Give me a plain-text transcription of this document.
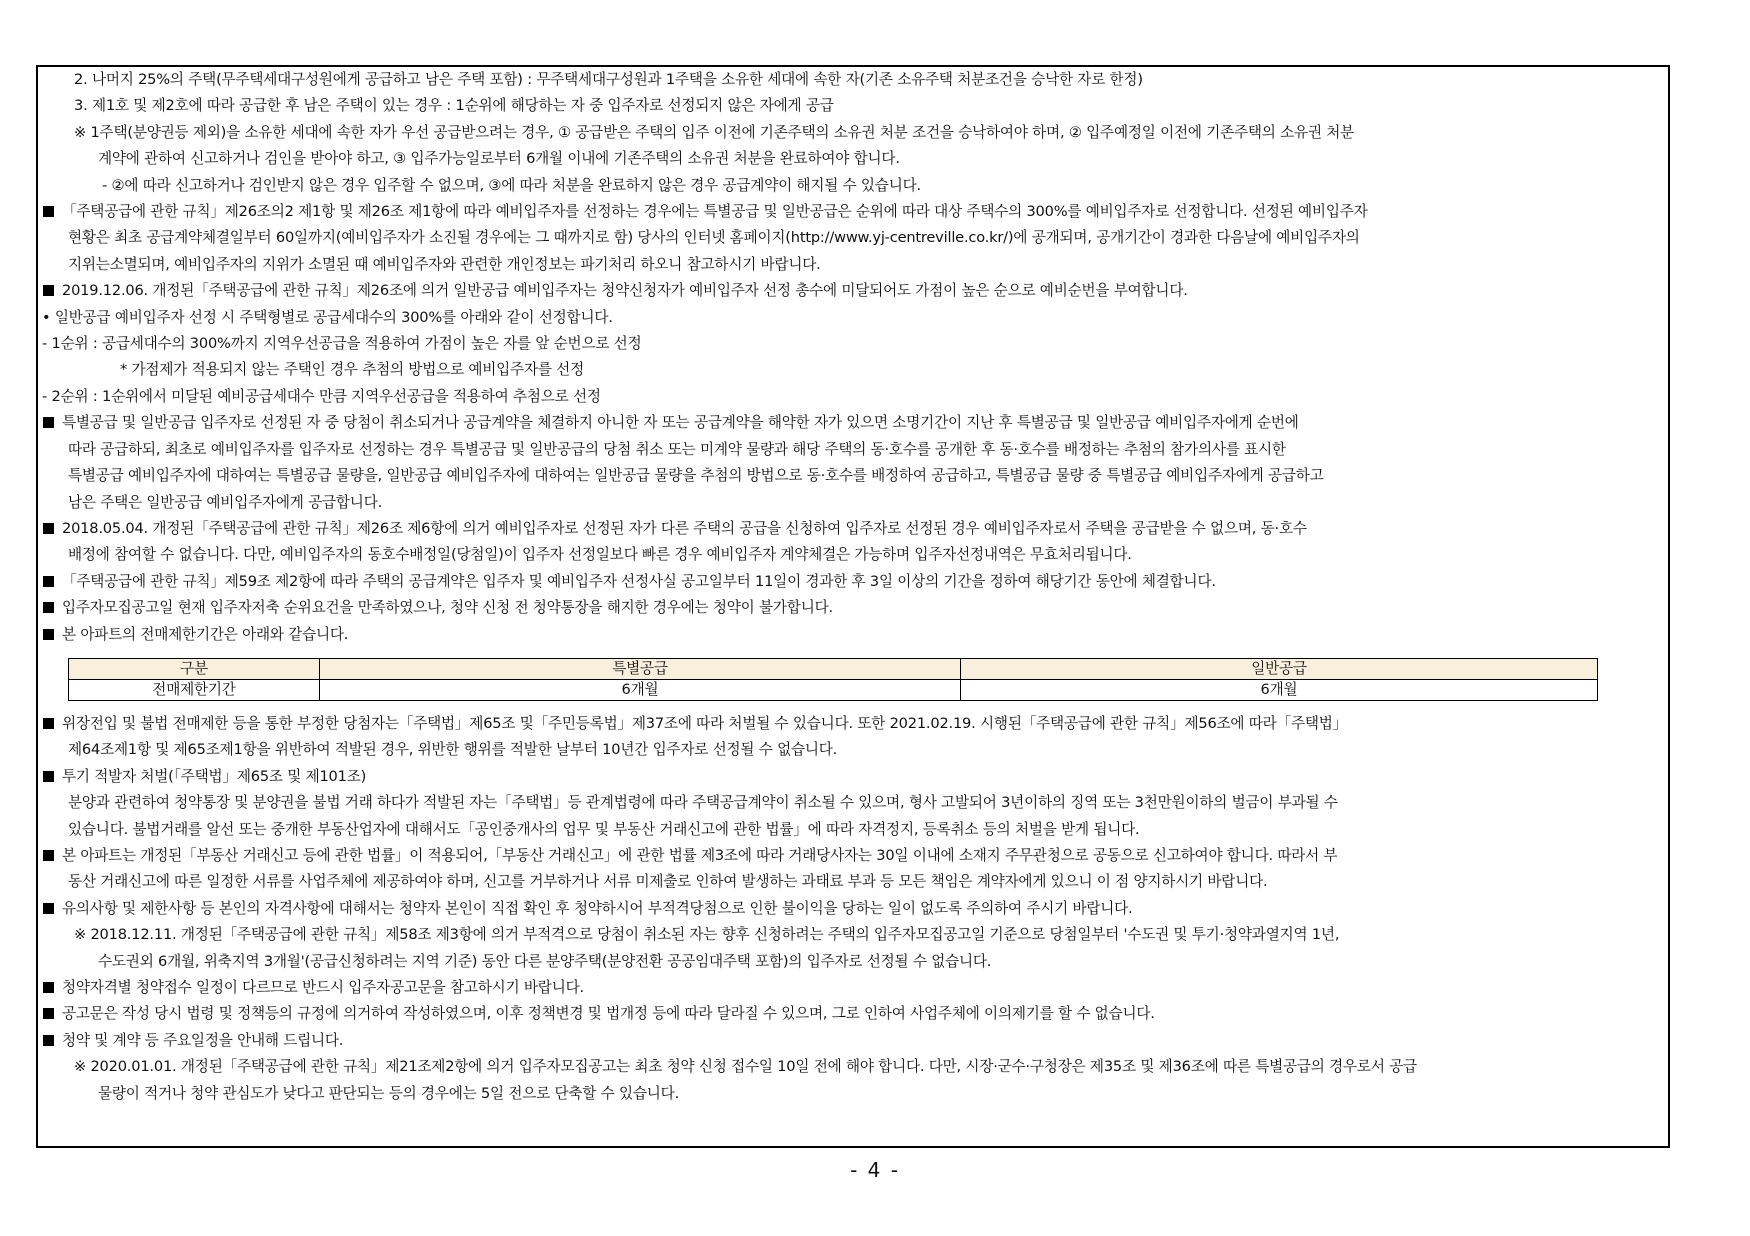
2. 나머지 25%의 주택(무주택세대구성원에게 공급하고 남은 주택 포함) : 무주택세대구성원과 1주택을 소유한 세대에 속한 자(기존 소유주택 처분조건을 승낙한 자로 한정)
3. 제1호 및 제2호에 따라 공급한 후 남은 주택이 있는 경우 : 1순위에 해당하는 자 중 입주자로 선정되지 않은 자에게 공급
※ 1주택(분양권등 제외)을 소유한 세대에 속한 자가 우선 공급받으려는 경우, ① 공급받은 주택의 입주 이전에 기존주택의 소유권 처분 조건을 승낙하여야 하며, ② 입주예정일 이전에 기존주택의 소유권 처분
계약에 관하여 신고하거나 검인을 받아야 하고, ③ 입주가능일로부터 6개월 이내에 기존주택의 소유권 처분을 완료하여야 합니다.
- ②에 따라 신고하거나 검인받지 않은 경우 입주할 수 없으며, ③에 따라 처분을 완료하지 않은 경우 공급계약이 해지될 수 있습니다.
「주택공급에 관한 규칙」제26조의2 제1항 및 제26조 제1항에 따라 예비입주자를 선정하는 경우에는 특별공급 및 일반공급은 순위에 따라 대상 주택수의 300%를 예비입주자로 선정합니다. 선정된 예비입주자
현황은 최초 공급계약체결일부터 60일까지(예비입주자가 소진될 경우에는 그 때까지로 함) 당사의 인터넷 홈페이지(http://www.yj-centreville.co.kr/)에 공개되며, 공개기간이 경과한 다음날에 예비입주자의
지위는소멸되며, 예비입주자의 지위가 소멸된 때 예비입주자와 관련한 개인정보는 파기처리 하오니 참고하시기 바랍니다.
2019.12.06. 개정된「주택공급에 관한 규칙」제26조에 의거 일반공급 예비입주자는 청약신청자가 예비입주자 선정 총수에 미달되어도 가점이 높은 순으로 예비순번을 부여합니다.
• 일반공급 예비입주자 선정 시 주택형별로 공급세대수의 300%를 아래와 같이 선정합니다.
- 1순위 : 공급세대수의 300%까지 지역우선공급을 적용하여 가점이 높은 자를 앞 순번으로 선정
* 가점제가 적용되지 않는 주택인 경우 추첨의 방법으로 예비입주자를 선정
- 2순위 : 1순위에서 미달된 예비공급세대수 만큼 지역우선공급을 적용하여 추첨으로 선정
특별공급 및 일반공급 입주자로 선정된 자 중 당첨이 취소되거나 공급계약을 체결하지 아니한 자 또는 공급계약을 해약한 자가 있으면 소명기간이 지난 후 특별공급 및 일반공급 예비입주자에게 순번에
따라 공급하되, 최초로 예비입주자를 입주자로 선정하는 경우 특별공급 및 일반공급의 당첨 취소 또는 미계약 물량과 해당 주택의 동·호수를 공개한 후 동·호수를 배정하는 추첨의 참가의사를 표시한
특별공급 예비입주자에 대하여는 특별공급 물량을, 일반공급 예비입주자에 대하여는 일반공급 물량을 추첨의 방법으로 동·호수를 배정하여 공급하고, 특별공급 물량 중 특별공급 예비입주자에게 공급하고
남은 주택은 일반공급 예비입주자에게 공급합니다.
2018.05.04. 개정된「주택공급에 관한 규칙」제26조 제6항에 의거 예비입주자로 선정된 자가 다른 주택의 공급을 신청하여 입주자로 선정된 경우 예비입주자로서 주택을 공급받을 수 없으며, 동·호수
배정에 참여할 수 없습니다. 다만, 예비입주자의 동호수배정일(당첨일)이 입주자 선정일보다 빠른 경우 예비입주자 계약체결은 가능하며 입주자선정내역은 무효처리됩니다.
「주택공급에 관한 규칙」제59조 제2항에 따라 주택의 공급계약은 입주자 및 예비입주자 선정사실 공고일부터 11일이 경과한 후 3일 이상의 기간을 정하여 해당기간 동안에 체결합니다.
입주자모집공고일 현재 입주자저축 순위요건을 만족하였으나, 청약 신청 전 청약통장을 해지한 경우에는 청약이 불가합니다.
본 아파트의 전매제한기간은 아래와 같습니다.
구분	특별공급	일반공급
전매제한기간	6개월	6개월
위장전입 및 불법 전매제한 등을 통한 부정한 당첨자는「주택법」제65조 및「주민등록법」제37조에 따라 처벌될 수 있습니다. 또한 2021.02.19. 시행된「주택공급에 관한 규칙」제56조에 따라「주택법」
제64조제1항 및 제65조제1항을 위반하여 적발된 경우, 위반한 행위를 적발한 날부터 10년간 입주자로 선정될 수 없습니다.
투기 적발자 처벌(「주택법」제65조 및 제101조)
분양과 관련하여 청약통장 및 분양권을 불법 거래 하다가 적발된 자는「주택법」등 관계법령에 따라 주택공급계약이 취소될 수 있으며, 형사 고발되어 3년이하의 징역 또는 3천만원이하의 벌금이 부과될 수
있습니다. 불법거래를 알선 또는 중개한 부동산업자에 대해서도「공인중개사의 업무 및 부동산 거래신고에 관한 법률」에 따라 자격정지, 등록취소 등의 처벌을 받게 됩니다.
본 아파트는 개정된「부동산 거래신고 등에 관한 법률」이 적용되어,「부동산 거래신고」에 관한 법률 제3조에 따라 거래당사자는 30일 이내에 소재지 주무관청으로 공동으로 신고하여야 합니다. 따라서 부
동산 거래신고에 따른 일정한 서류를 사업주체에 제공하여야 하며, 신고를 거부하거나 서류 미제출로 인하여 발생하는 과태료 부과 등 모든 책임은 계약자에게 있으니 이 점 양지하시기 바랍니다.
유의사항 및 제한사항 등 본인의 자격사항에 대해서는 청약자 본인이 직접 확인 후 청약하시어 부적격당첨으로 인한 불이익을 당하는 일이 없도록 주의하여 주시기 바랍니다.
※ 2018.12.11. 개정된「주택공급에 관한 규칙」제58조 제3항에 의거 부적격으로 당첨이 취소된 자는 향후 신청하려는 주택의 입주자모집공고일 기준으로 당첨일부터 '수도권 및 투기·청약과열지역 1년,
수도권외 6개월, 위축지역 3개월'(공급신청하려는 지역 기준) 동안 다른 분양주택(분양전환 공공임대주택 포함)의 입주자로 선정될 수 없습니다.
청약자격별 청약접수 일정이 다르므로 반드시 입주자공고문을 참고하시기 바랍니다.
공고문은 작성 당시 법령 및 정책등의 규정에 의거하여 작성하였으며, 이후 정책변경 및 법개정 등에 따라 달라질 수 있으며, 그로 인하여 사업주체에 이의제기를 할 수 없습니다.
청약 및 계약 등 주요일정을 안내해 드립니다.
※ 2020.01.01. 개정된「주택공급에 관한 규칙」제21조제2항에 의거 입주자모집공고는 최초 청약 신청 접수일 10일 전에 해야 합니다. 다만, 시장·군수·구청장은 제35조 및 제36조에 따른 특별공급의 경우로서 공급
물량이 적거나 청약 관심도가 낮다고 판단되는 등의 경우에는 5일 전으로 단축할 수 있습니다.
- 4 -
